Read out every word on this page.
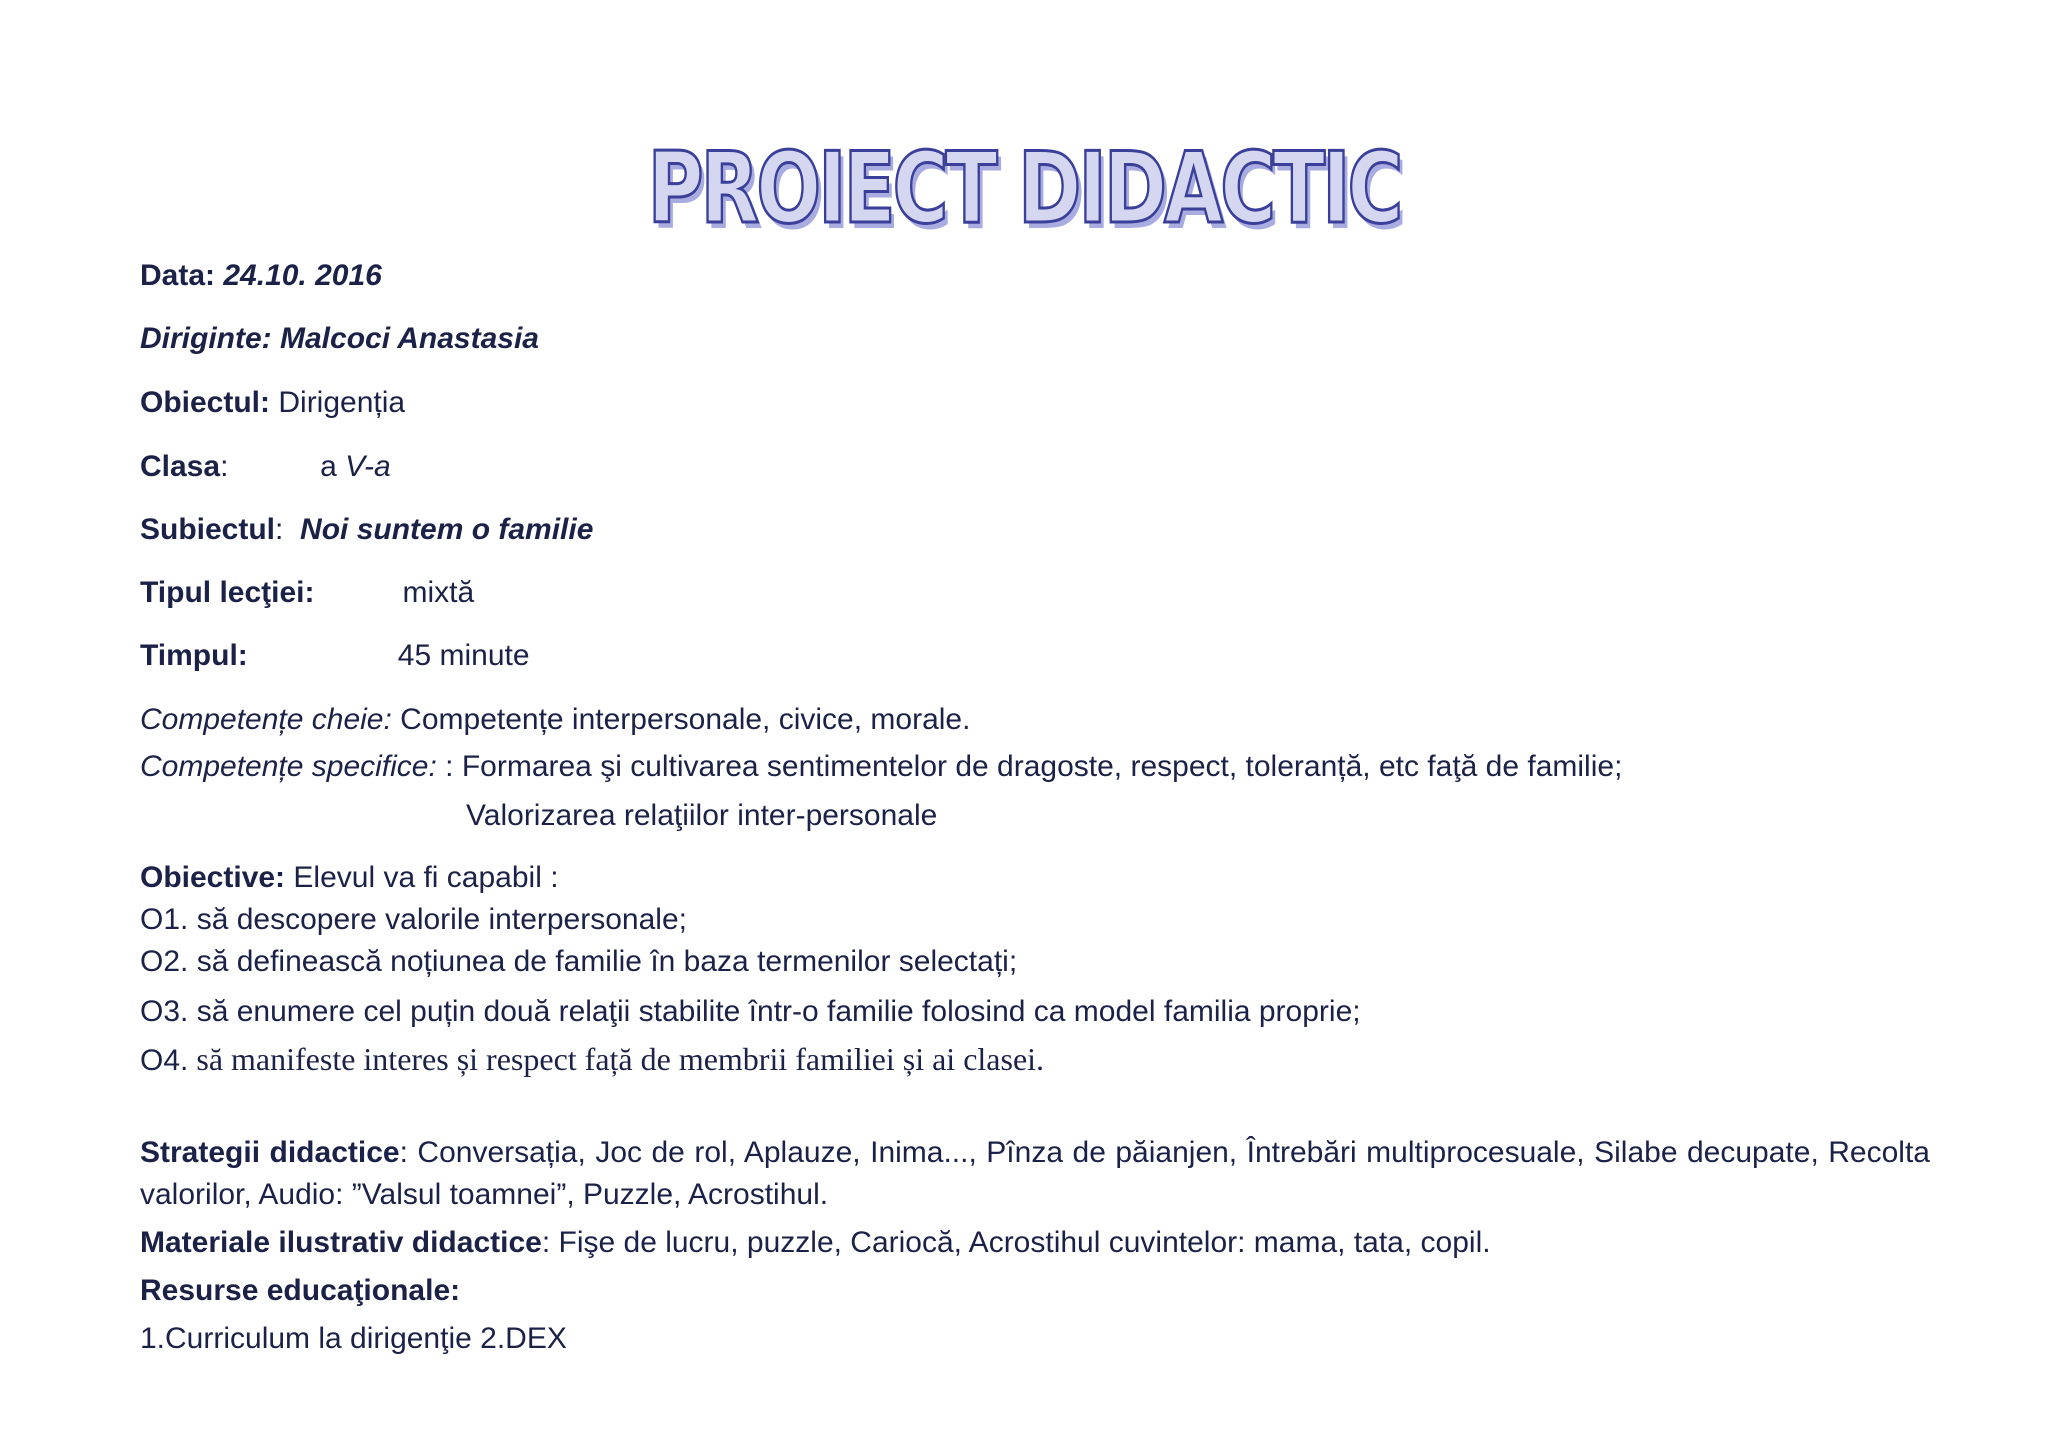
PROIECT DIDACTIC
Data: 24.10. 2016
Diriginte: Malcoci Anastasia
Obiectul: Dirigenția
Clasa:	a V-a
Subiectul: Noi suntem o familie
Tipul lecţiei:	mixtă
Timpul:	45 minute
Competențe cheie: Competențe interpersonale, civice, morale.
Competențe specifice: : Formarea şi cultivarea sentimentelor de dragoste, respect, toleranță, etc faţă de familie;
Valorizarea relaţiilor inter-personale
Obiective: Elevul va fi capabil :
O1. să descopere valorile interpersonale;
O2. să definească noțiunea de familie în baza termenilor selectați;
O3. să enumere cel puțin două relaţii stabilite într-o familie folosind ca model familia proprie;
O4. să manifeste interes și respect față de membrii familiei și ai clasei.
Strategii didactice: Conversația, Joc de rol, Aplauze, Inima..., Pînza de păianjen, Întrebări multiprocesuale, Silabe decupate, Recolta valorilor, Audio: ”Valsul toamnei”, Puzzle, Acrostihul.
Materiale ilustrativ didactice: Fişe de lucru, puzzle, Cariocă, Acrostihul cuvintelor: mama, tata, copil.
Resurse educaţionale:
1.Curriculum la dirigenţie 2.DEX
